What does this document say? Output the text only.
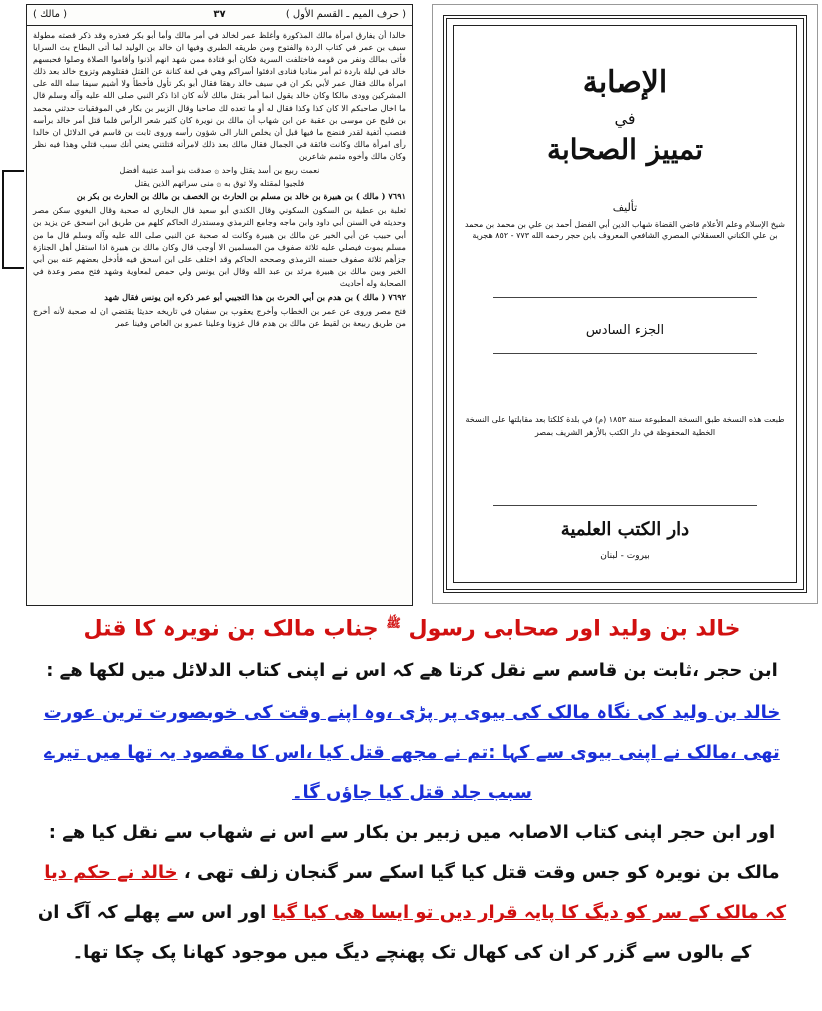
( حرف الميم ـ القسم الأول )
٣٧
( مالك )

خالدا أن يفارق امرأة مالك المذكورة وأغلظ عمر لخالد في أمر مالك وأما أبو بكر فعذره وقد ذكر قصته مطولة سيف بن عمر في كتاب الردة والفتوح ومن طريقه الطبري وفيها ان خالد بن الوليد لما أتى البطاح بث السرايا فأتى بمالك ونفر من قومه فاختلفت السرية فكان أبو قتادة ممن شهد انهم أذنوا وأقاموا الصلاة وصلوا فحبسهم خالد في ليلة باردة ثم أمر مناديا فنادى ادفئوا أسراكم وهي في لغة كنانة عن القتل فقتلوهم وتزوج خالد بعد ذلك امرأة مالك فقال عمر لأبي بكر ان في سيف خالد رهقا فقال أبو بكر تأول فأخطأ ولا أشيم سيفا سله الله على المشركين وودى مالكا وكان خالد يقول انما أمر بقتل مالك لأنه كان اذا ذكر النبي صلى الله عليه وآله وسلم قال ما اخال صاحبكم الا كان كذا وكذا فقال له أو ما تعده لك صاحبا وقال الزبير بن بكار في الموفقيات حدثني محمد بن فليح عن موسى بن عقبة عن ابن شهاب أن مالك بن نويرة كان كثير شعر الرأس فلما قتل أمر خالد برأسه فنصب أثفية لقدر فنضج ما فيها قبل أن يخلص النار الى شؤون رأسه وروى ثابت بن قاسم في الدلائل ان خالدا رأى امرأة مالك وكانت فائقة في الجمال فقال مالك بعد ذلك لامرأته قتلتني يعني أنك سبب قتلي وهذا فيه نظر وكان مالك وأخوه متمم شاعرين

نعمت ربيع بن أسد يقتل واحد ۞ صدقت بنو أسد عتيبة أفضل

فلجيوا لمقتله ولا توق به ۞ منى سراتهم الذين يقتل

٧٦٩١ ( مالك ) بن هبيرة بن خالد بن مسلم بن الحارث بن الخصف بن مالك بن الحارث بن بكر بن

ثعلبة بن عطية بن السكون السكوني وقال الكندي أبو سعيد قال البخاري له صحبة وقال البغوي سكن مصر وحديثه في السنن أبي داود وابن ماجه وجامع الترمذي ومستدرك الحاكم كلهم من طريق ابن اسحق عن يزيد بن أبي حبيب عن أبي الخير عن مالك بن هبيرة وكانت له صحبة عن النبي صلى الله عليه وآله وسلم قال ما من مسلم يموت فيصلي عليه ثلاثة صفوف من المسلمين الا أوجب قال وكان مالك بن هبيرة اذا استقل أهل الجنازة جزأهم ثلاثة صفوف حسنه الترمذي وصححه الحاكم وقد اختلف على ابن اسحق فيه فأدخل بعضهم عنه بين أبي الخير وبين مالك بن هبيرة مرثد بن عبد الله وقال ابن يونس ولي حمص لمعاوية وشهد فتح مصر وعدة في الصحابة وله أحاديث

٧٦٩٢ ( مالك ) بن هدم بن أبي الحرث بن هذا التجيبي أبو عمر ذكره ابن يونس فقال شهد

فتح مصر وروى عن عمر بن الخطاب وأخرج يعقوب بن سفيان في تاريخه حديثا يقتضي ان له صحبة لأنه أخرج من طريق ربيعة بن لقيط عن مالك بن هدم قال غزونا وعلينا عمرو بن العاص وفينا عمر

الإصابة
في
تمييز الصحابة
تأليف
شيخ الإسلام وعلم الأعلام قاضي القضاة شهاب الدين أبي الفضل أحمد بن علي بن محمد بن محمد بن علي الكناني العسقلاني المصري الشافعي المعروف بابن حجر رحمه الله ٧٧٣ - ٨٥٢ هجرية
الجزء السادس
طبعت هذه النسخة طبق النسخة المطبوعة سنة ١٨٥٣ (م) في بلدة كلكتا بعد مقابلتها على النسخة الخطية المحفوظة في دار الكتب بالأزهر الشريف بمصر
دار الكتب العلمية
بيروت - لبنان
خالد بن ولید اور صحابی رسول $^ﷺ$ جناب مالک بن نویرہ کا قتل
ابن حجر ،ثابت بن قاسم سے نقل کرتا ھے کہ اس نے اپنی کتاب الدلائل میں لکھا ھے :
خالد بن ولید کی نگاہ مالک کی بیوی پر پڑی ،وہ اپنے وقت کی خوبصورت ترین عورت
تھی ،مالک نے اپنی بیوی سے کہا :تم نے مجھے قتل کیا ،اس کا مقصود یہ تھا میں تیرے
سبب جلد قتل کیا جاؤں گا۔
اور ابن حجر اپنی کتاب الاصابہ میں زبیر بن بکار سے اس نے شھاب سے نقل کیا ھے :
مالک بن نویرہ کو جس وقت قتل کیا گیا اسکے سر گنجان زلف تھی ، خالد نے حکم دیا
کہ مالک کے سر کو دیگ کا پایہ قرار دیں تو ایسا ھی کیا گیا اور اس سے پھلے کہ آگ ان
کے بالوں سے گزر کر ان کی کھال تک پھنچے دیگ میں موجود کھانا پک چکا تھا۔
